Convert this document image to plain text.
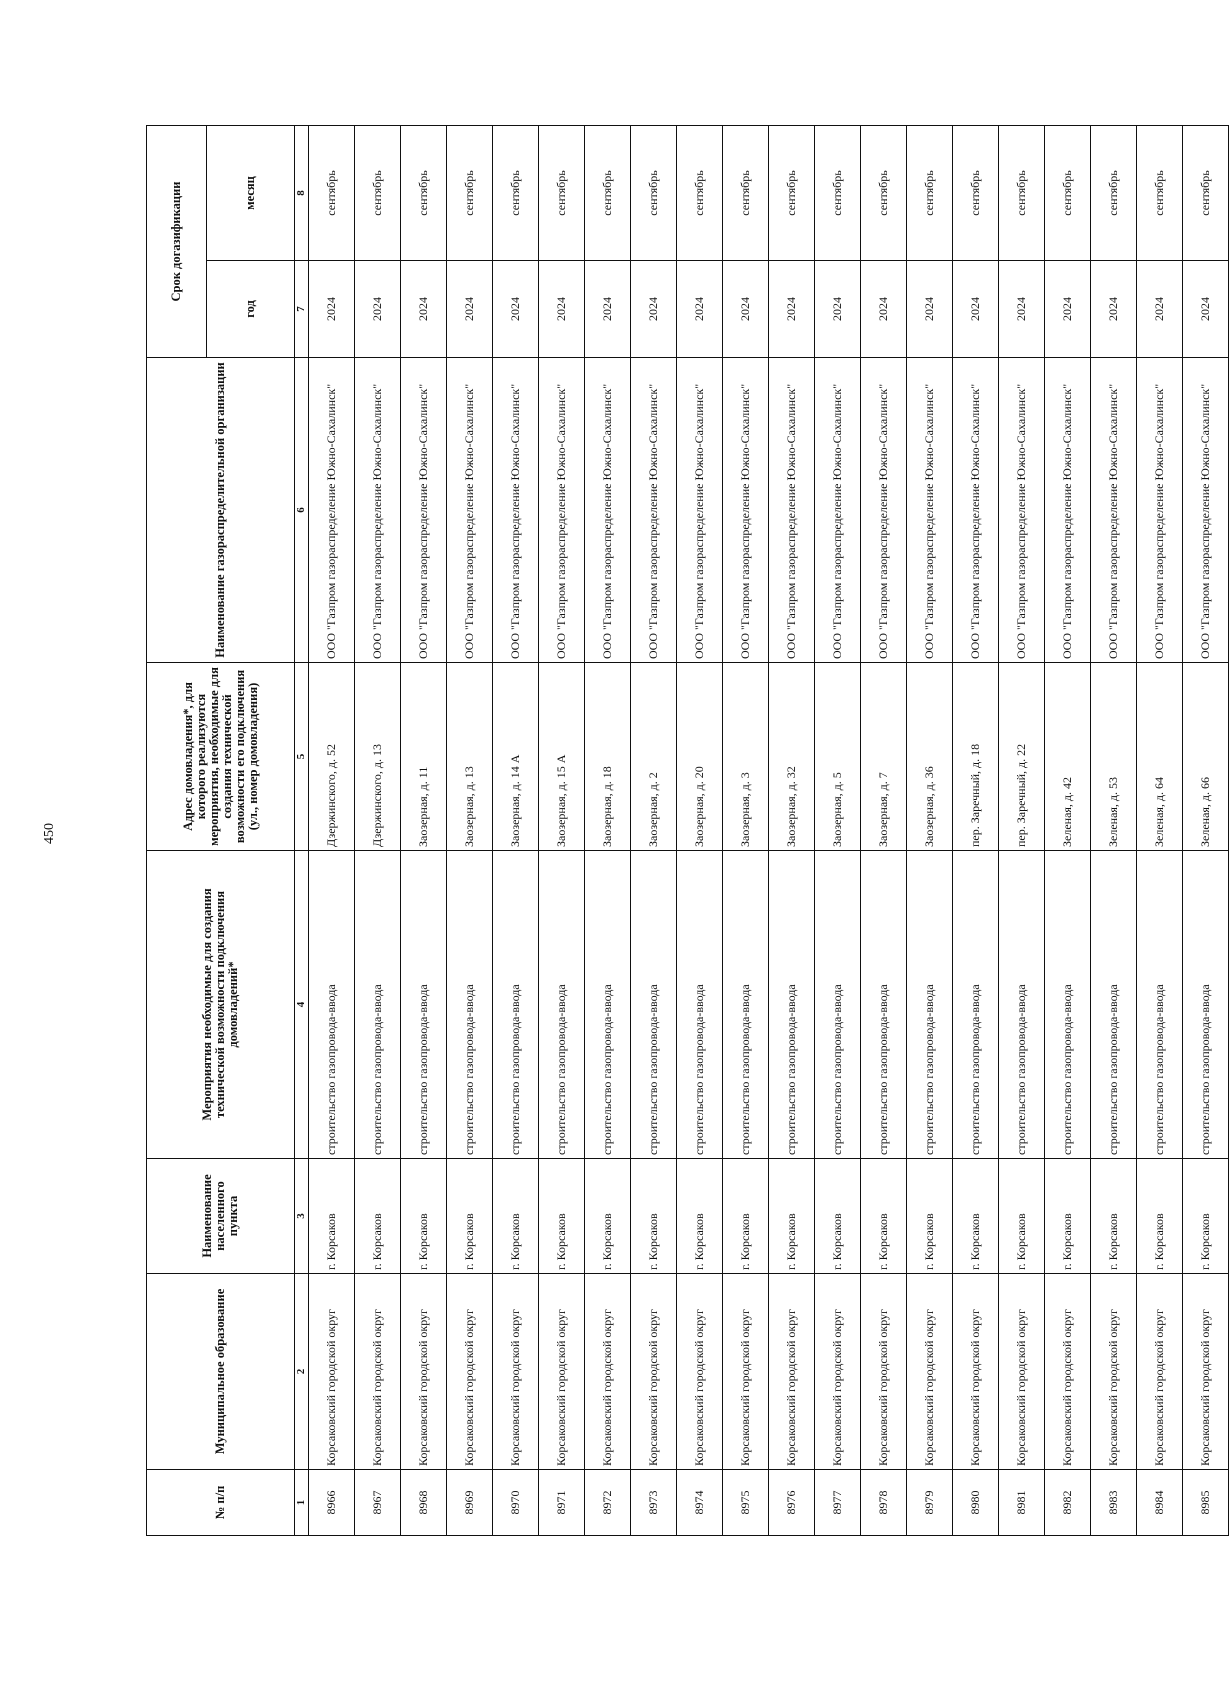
450
№ п/п	Муниципальное образование	Наименование населенного пункта	Мероприятия необходимые для создания технической возможности подключения домовладений*	Адрес домовладения*, для которого реализуются мероприятия, необходимые для создания технической возможности его подключения (ул., номер домовладения)	Наименование газораспределительной организации	Срок догазификации	
						год	месяц
1	2	3	4	5	6	7	8
8966	Корсаковский городской округ	г. Корсаков	строительство газопровода-ввода	Дзержинского, д. 52	ООО "Газпром газораспределение Южно-Сахалинск"	2024	сентябрь
8967	Корсаковский городской округ	г. Корсаков	строительство газопровода-ввода	Дзержинского, д. 13	ООО "Газпром газораспределение Южно-Сахалинск"	2024	сентябрь
8968	Корсаковский городской округ	г. Корсаков	строительство газопровода-ввода	Заозерная, д. 11	ООО "Газпром газораспределение Южно-Сахалинск"	2024	сентябрь
8969	Корсаковский городской округ	г. Корсаков	строительство газопровода-ввода	Заозерная, д. 13	ООО "Газпром газораспределение Южно-Сахалинск"	2024	сентябрь
8970	Корсаковский городской округ	г. Корсаков	строительство газопровода-ввода	Заозерная, д. 14 А	ООО "Газпром газораспределение Южно-Сахалинск"	2024	сентябрь
8971	Корсаковский городской округ	г. Корсаков	строительство газопровода-ввода	Заозерная, д. 15 А	ООО "Газпром газораспределение Южно-Сахалинск"	2024	сентябрь
8972	Корсаковский городской округ	г. Корсаков	строительство газопровода-ввода	Заозерная, д. 18	ООО "Газпром газораспределение Южно-Сахалинск"	2024	сентябрь
8973	Корсаковский городской округ	г. Корсаков	строительство газопровода-ввода	Заозерная, д. 2	ООО "Газпром газораспределение Южно-Сахалинск"	2024	сентябрь
8974	Корсаковский городской округ	г. Корсаков	строительство газопровода-ввода	Заозерная, д. 20	ООО "Газпром газораспределение Южно-Сахалинск"	2024	сентябрь
8975	Корсаковский городской округ	г. Корсаков	строительство газопровода-ввода	Заозерная, д. 3	ООО "Газпром газораспределение Южно-Сахалинск"	2024	сентябрь
8976	Корсаковский городской округ	г. Корсаков	строительство газопровода-ввода	Заозерная, д. 32	ООО "Газпром газораспределение Южно-Сахалинск"	2024	сентябрь
8977	Корсаковский городской округ	г. Корсаков	строительство газопровода-ввода	Заозерная, д. 5	ООО "Газпром газораспределение Южно-Сахалинск"	2024	сентябрь
8978	Корсаковский городской округ	г. Корсаков	строительство газопровода-ввода	Заозерная, д. 7	ООО "Газпром газораспределение Южно-Сахалинск"	2024	сентябрь
8979	Корсаковский городской округ	г. Корсаков	строительство газопровода-ввода	Заозерная, д. 36	ООО "Газпром газораспределение Южно-Сахалинск"	2024	сентябрь
8980	Корсаковский городской округ	г. Корсаков	строительство газопровода-ввода	пер. Заречный, д. 18	ООО "Газпром газораспределение Южно-Сахалинск"	2024	сентябрь
8981	Корсаковский городской округ	г. Корсаков	строительство газопровода-ввода	пер. Заречный, д. 22	ООО "Газпром газораспределение Южно-Сахалинск"	2024	сентябрь
8982	Корсаковский городской округ	г. Корсаков	строительство газопровода-ввода	Зеленая, д. 42	ООО "Газпром газораспределение Южно-Сахалинск"	2024	сентябрь
8983	Корсаковский городской округ	г. Корсаков	строительство газопровода-ввода	Зеленая, д. 53	ООО "Газпром газораспределение Южно-Сахалинск"	2024	сентябрь
8984	Корсаковский городской округ	г. Корсаков	строительство газопровода-ввода	Зеленая, д. 64	ООО "Газпром газораспределение Южно-Сахалинск"	2024	сентябрь
8985	Корсаковский городской округ	г. Корсаков	строительство газопровода-ввода	Зеленая, д. 66	ООО "Газпром газораспределение Южно-Сахалинск"	2024	сентябрь
